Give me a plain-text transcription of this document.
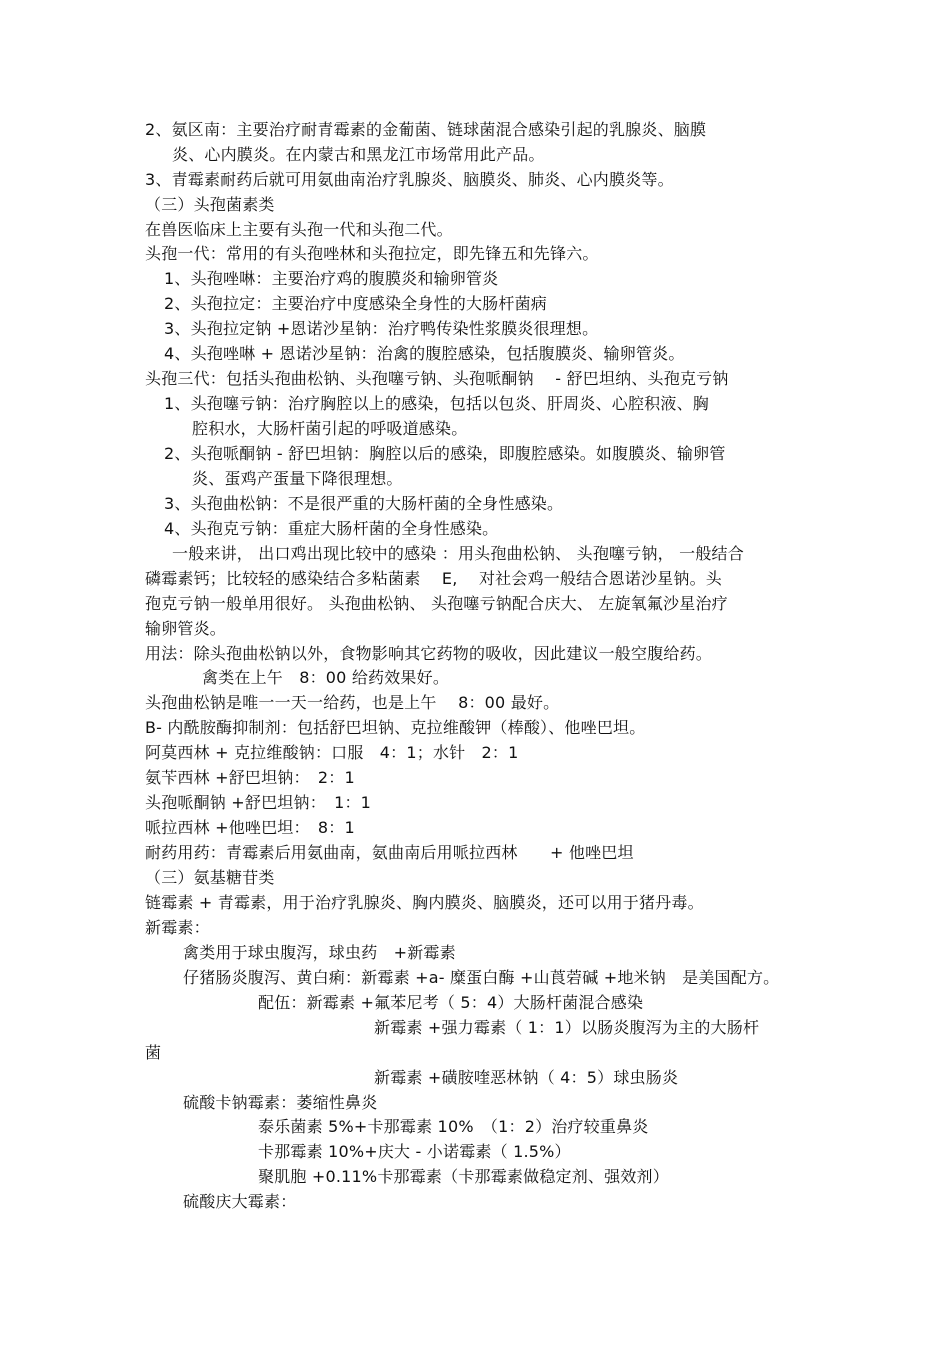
2、氨区南：主要治疗耐青霉素的金葡菌、链球菌混合感染引起的乳腺炎、脑膜
炎、心内膜炎。在内蒙古和黑龙江市场常用此产品。
3、青霉素耐药后就可用氨曲南治疗乳腺炎、脑膜炎、肺炎、心内膜炎等。
（三）头孢菌素类
在兽医临床上主要有头孢一代和头孢二代。
头孢一代：常用的有头孢唑林和头孢拉定，即先锋五和先锋六。
1、头孢唑啉：主要治疗鸡的腹膜炎和输卵管炎
2、头孢拉定：主要治疗中度感染全身性的大肠杆菌病
3、头孢拉定钠 +恩诺沙星钠：治疗鸭传染性浆膜炎很理想。
4、头孢唑啉 + 恩诺沙星钠：治禽的腹腔感染，包括腹膜炎、输卵管炎。
头孢三代：包括头孢曲松钠、头孢噻亏钠、头孢哌酮钠　 - 舒巴坦纳、头孢克亏钠
1、头孢噻亏钠：治疗胸腔以上的感染，包括以包炎、肝周炎、心腔积液、胸
腔积水，大肠杆菌引起的呼吸道感染。
2、头孢哌酮钠 - 舒巴坦钠：胸腔以后的感染，即腹腔感染。如腹膜炎、输卵管
炎、蛋鸡产蛋量下降很理想。
3、头孢曲松钠：不是很严重的大肠杆菌的全身性感染。
4、头孢克亏钠：重症大肠杆菌的全身性感染。
一般来讲， 出口鸡出现比较中的感染 ：用头孢曲松钠、 头孢噻亏钠， 一般结合
磷霉素钙；比较轻的感染结合多粘菌素　 E,　 对社会鸡一般结合恩诺沙星钠。头
孢克亏钠一般单用很好。 头孢曲松钠、 头孢噻亏钠配合庆大、 左旋氧氟沙星治疗
输卵管炎。
用法：除头孢曲松钠以外，食物影响其它药物的吸收，因此建议一般空腹给药。
禽类在上午　8：00 给药效果好。
头孢曲松钠是唯一一天一给药，也是上午　 8：00 最好。
B- 内酰胺酶抑制剂：包括舒巴坦钠、克拉维酸钾（棒酸）、他唑巴坦。
阿莫西林 + 克拉维酸钠：口服　4：1；水针　2：1
氨苄西林 +舒巴坦钠：　2：1
头孢哌酮钠 +舒巴坦钠：　1：1
哌拉西林 +他唑巴坦：　8：1
耐药用药：青霉素后用氨曲南，氨曲南后用哌拉西林　　+ 他唑巴坦
（三）氨基糖苷类
链霉素 + 青霉素，用于治疗乳腺炎、胸内膜炎、脑膜炎，还可以用于猪丹毒。
新霉素：
禽类用于球虫腹泻，球虫药　+新霉素
仔猪肠炎腹泻、黄白痢：新霉素 +a- 糜蛋白酶 +山莨菪碱 +地米钠　是美国配方。
配伍：新霉素 +氟苯尼考（ 5：4）大肠杆菌混合感染
新霉素 +强力霉素（ 1：1）以肠炎腹泻为主的大肠杆
菌
新霉素 +磺胺喹恶林钠（ 4：5）球虫肠炎
硫酸卡钠霉素：萎缩性鼻炎
泰乐菌素 5%+卡那霉素 10%　（1：2）治疗较重鼻炎
卡那霉素 10%+庆大 - 小诺霉素（ 1.5%）
聚肌胞 +0.11%卡那霉素（卡那霉素做稳定剂、强效剂）
硫酸庆大霉素：
